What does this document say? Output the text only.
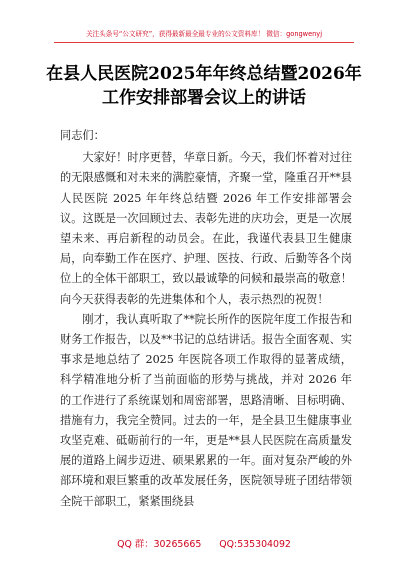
关注头条号“公文研究”，获得最新最全最专业的公文资料库！ 微信：gongwenyj
在县人民医院2025年年终总结暨2026年
工作安排部署会议上的讲话

同志们：

大家好！时序更替，华章日新。今天，我们怀着对过往的无限感慨和对未来的满腔豪情，齐聚一堂，隆重召开**县人民医院 2025 年年终总结暨 2026 年工作安排部署会议。这既是一次回顾过去、表彰先进的庆功会，更是一次展望未来、再启新程的动员会。在此，我谨代表县卫生健康局，向奉勤工作在医疗、护理、医技、行政、后勤等各个岗位上的全体干部职工，致以最诚挚的问候和最崇高的敬意！向今天获得表彰的先进集体和个人，表示热烈的祝贺！

刚才，我认真听取了**院长所作的医院年度工作报告和财务工作报告，以及**书记的总结讲话。报告全面客观、实事求是地总结了 2025 年医院各项工作取得的显著成绩，科学精准地分析了当前面临的形势与挑战，并对 2026 年的工作进行了系统谋划和周密部署，思路清晰、目标明确、措施有力，我完全赞同。过去的一年，是全县卫生健康事业攻坚克难、砥砺前行的一年，更是**县人民医院在高质量发展的道路上阔步迈进、硕果累累的一年。面对复杂严峻的外部环境和艰巨繁重的改革发展任务，医院领导班子团结带领全院干部职工，紧紧围绕县

QQ 群：30265665 QQ:535304092
